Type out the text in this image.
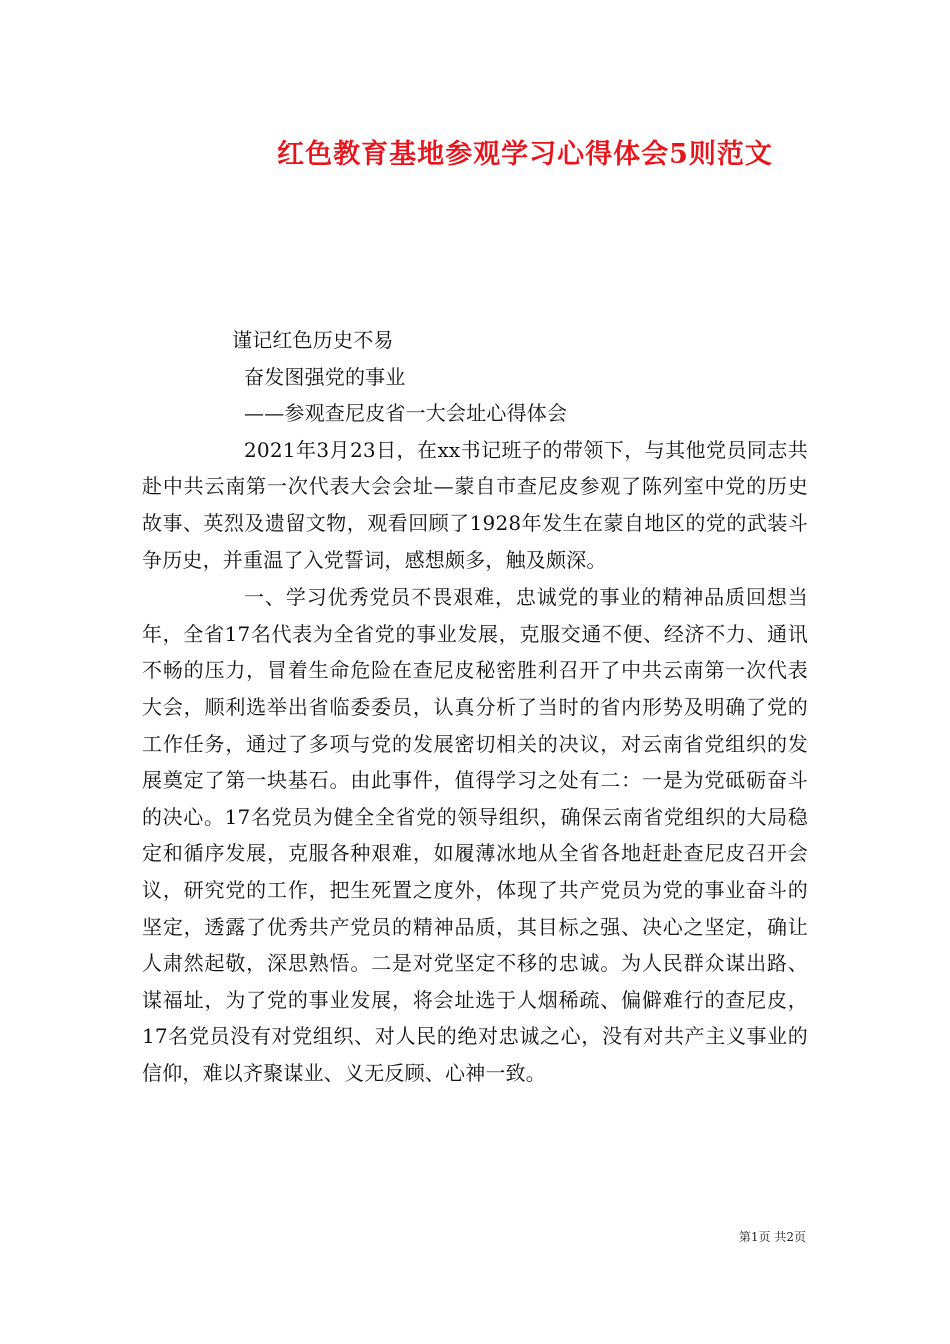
红色教育基地参观学习心得体会5则范文

谨记红色历史不易

奋发图强党的事业

——参观查尼皮省一大会址心得体会

2021年3月23日，在xx书记班子的带领下，与其他党员同志共赴中共云南第一次代表大会会址—蒙自市查尼皮参观了陈列室中党的历史故事、英烈及遗留文物，观看回顾了1928年发生在蒙自地区的党的武装斗争历史，并重温了入党誓词，感想颇多，触及颇深。

一、学习优秀党员不畏艰难，忠诚党的事业的精神品质回想当年，全省17名代表为全省党的事业发展，克服交通不便、经济不力、通讯不畅的压力，冒着生命危险在查尼皮秘密胜利召开了中共云南第一次代表大会，顺利选举出省临委委员，认真分析了当时的省内形势及明确了党的工作任务，通过了多项与党的发展密切相关的决议，对云南省党组织的发展奠定了第一块基石。由此事件，值得学习之处有二：一是为党砥砺奋斗的决心。17名党员为健全全省党的领导组织，确保云南省党组织的大局稳定和循序发展，克服各种艰难，如履薄冰地从全省各地赶赴查尼皮召开会议，研究党的工作，把生死置之度外，体现了共产党员为党的事业奋斗的坚定，透露了优秀共产党员的精神品质，其目标之强、决心之坚定，确让人肃然起敬，深思熟悟。二是对党坚定不移的忠诚。为人民群众谋出路、谋福址，为了党的事业发展，将会址选于人烟稀疏、偏僻难行的查尼皮，17名党员没有对党组织、对人民的绝对忠诚之心，没有对共产主义事业的信仰，难以齐聚谋业、义无反顾、心神一致。

第1页 共2页
